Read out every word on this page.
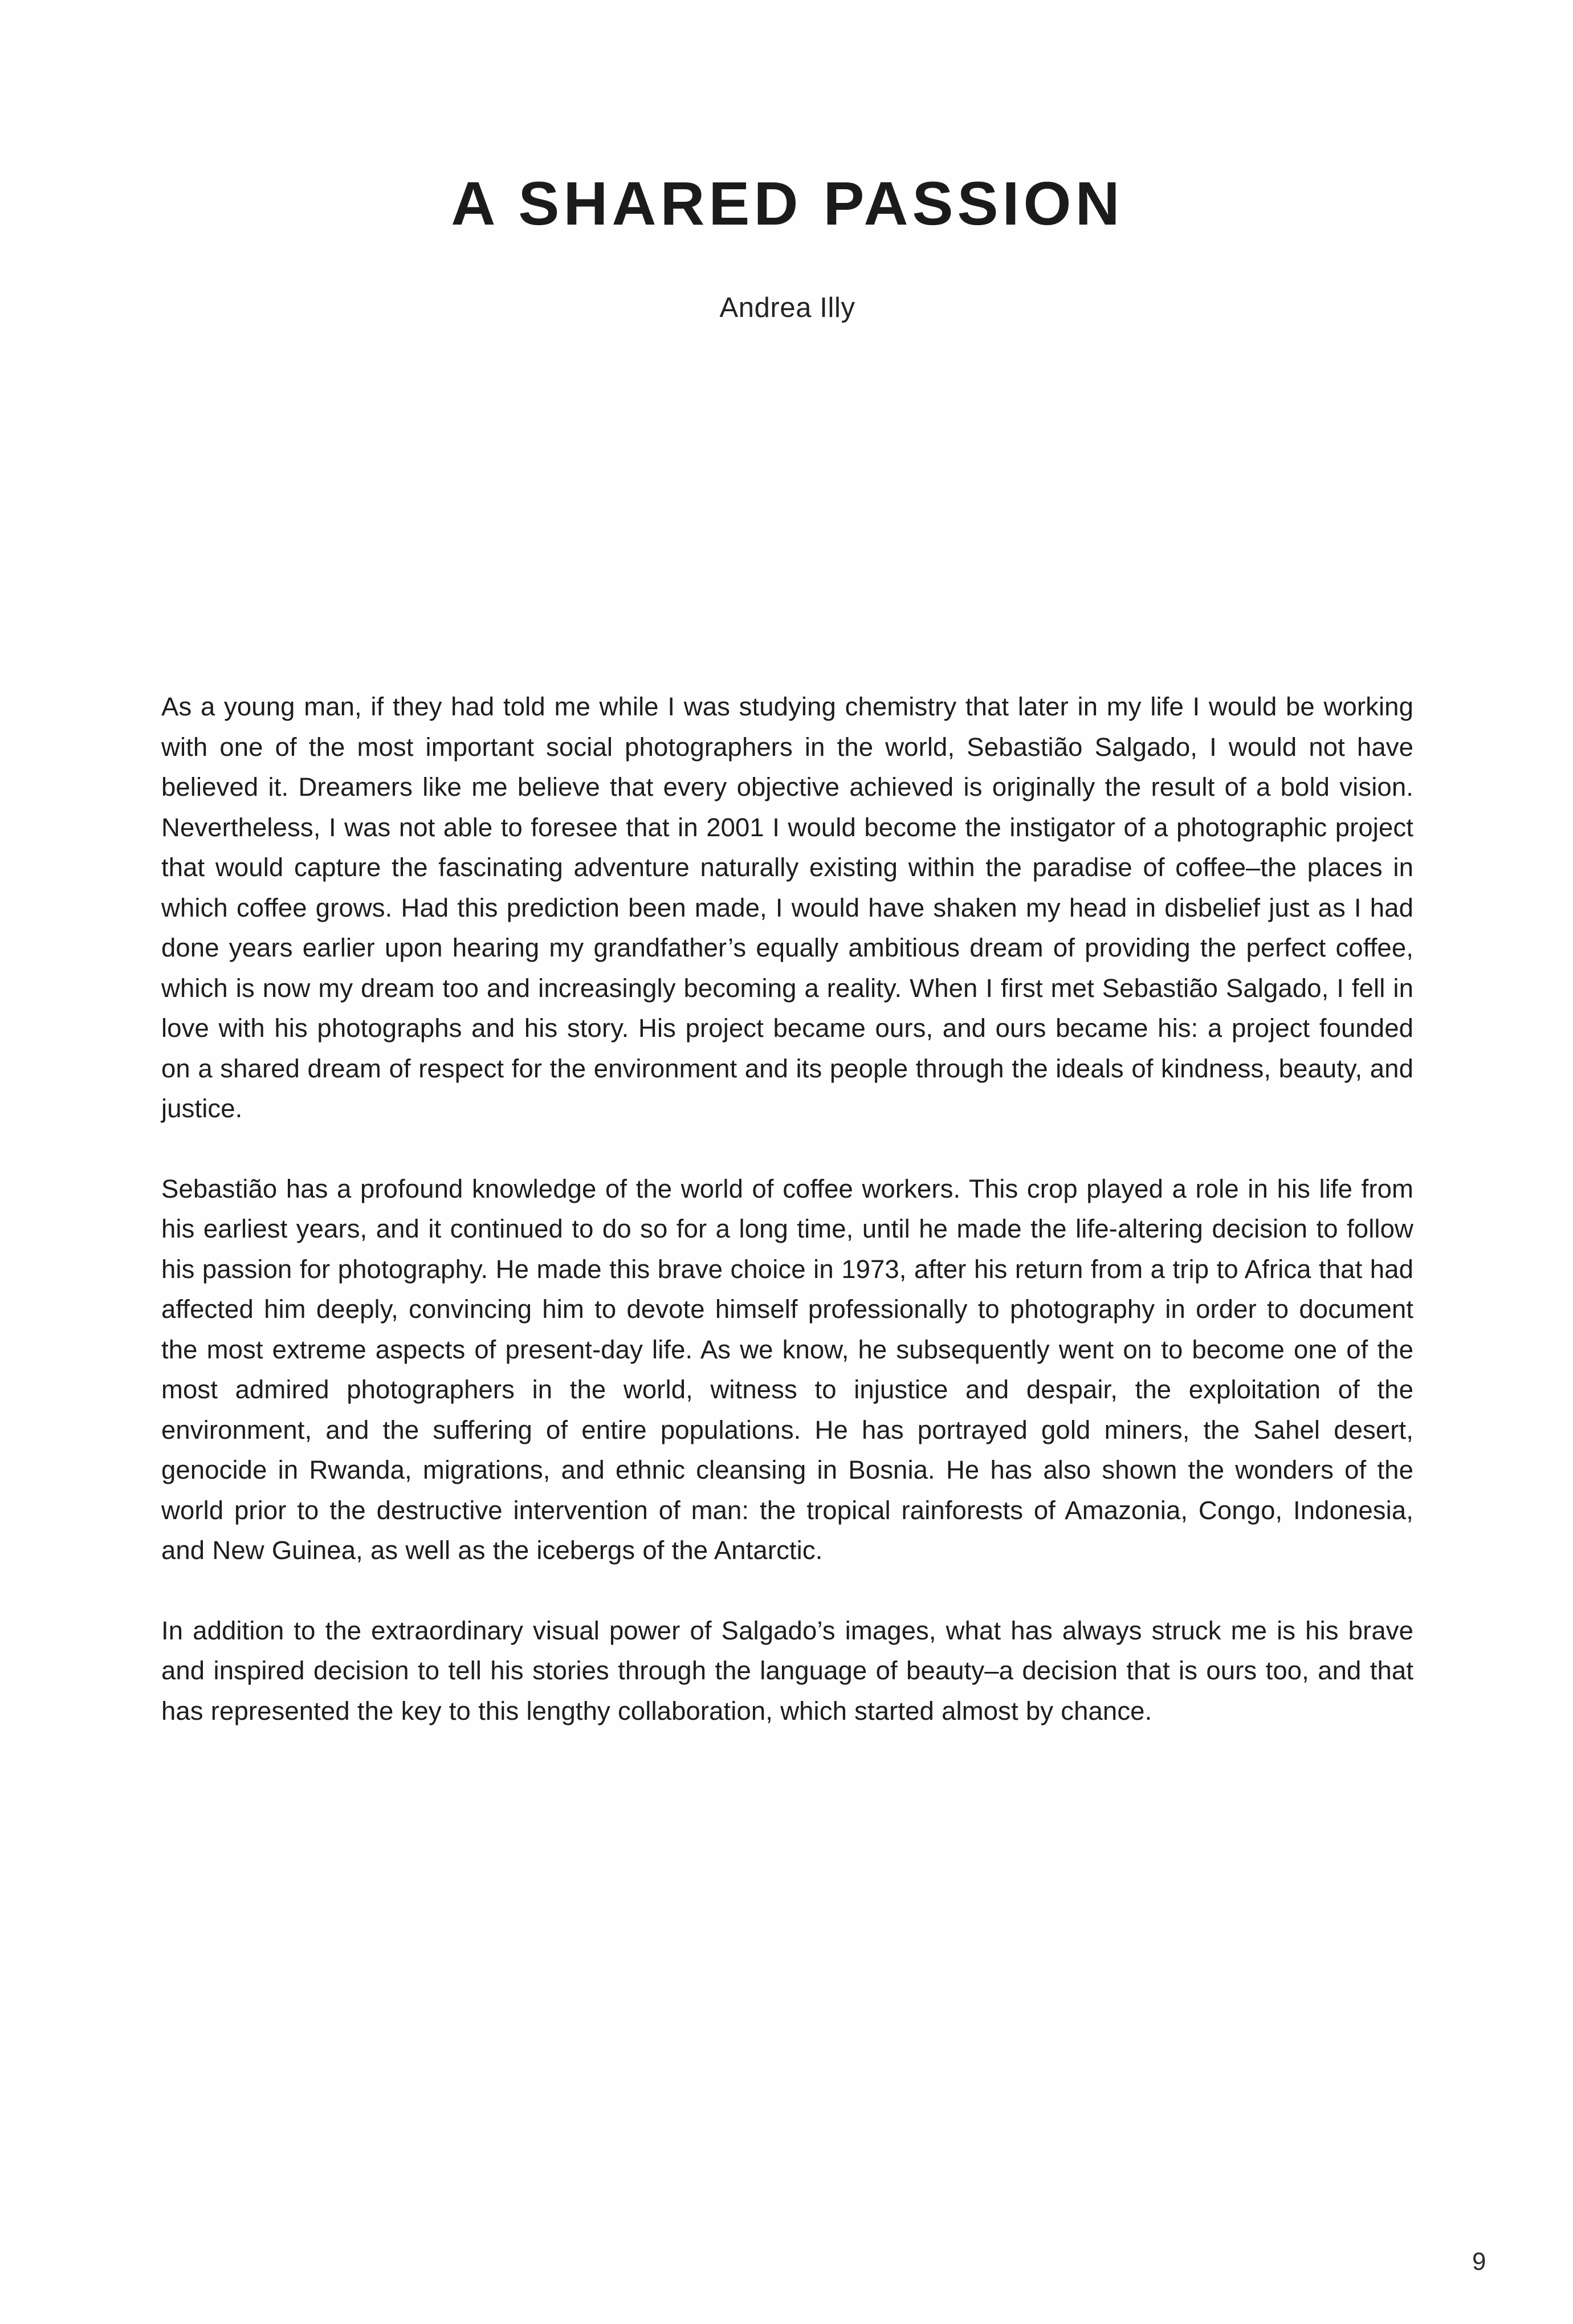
A SHARED PASSION

Andrea Illy

As a young man, if they had told me while I was studying chemistry that later in my life I would be working with one of the most important social photographers in the world, Sebastião Salgado, I would not have believed it. Dreamers like me believe that every objective achieved is originally the result of a bold vision. Nevertheless, I was not able to foresee that in 2001 I would become the instigator of a photographic project that would capture the fascinating adventure naturally existing within the paradise of coffee–the places in which coffee grows. Had this prediction been made, I would have shaken my head in disbelief just as I had done years earlier upon hearing my grandfather’s equally ambitious dream of providing the perfect coffee, which is now my dream too and increasingly becoming a reality. When I first met Sebastião Salgado, I fell in love with his photographs and his story. His project became ours, and ours became his: a project founded on a shared dream of respect for the environment and its people through the ideals of kindness, beauty, and justice.

Sebastião has a profound knowledge of the world of coffee workers. This crop played a role in his life from his earliest years, and it continued to do so for a long time, until he made the life-altering decision to follow his passion for photography. He made this brave choice in 1973, after his return from a trip to Africa that had affected him deeply, convincing him to devote himself professionally to photography in order to document the most extreme aspects of present-day life. As we know, he subsequently went on to become one of the most admired photographers in the world, witness to injustice and despair, the exploitation of the environment, and the suffering of entire populations. He has portrayed gold miners, the Sahel desert, genocide in Rwanda, migrations, and ethnic cleansing in Bosnia. He has also shown the wonders of the world prior to the destructive intervention of man: the tropical rainforests of Amazonia, Congo, Indonesia, and New Guinea, as well as the icebergs of the Antarctic.

In addition to the extraordinary visual power of Salgado’s images, what has always struck me is his brave and inspired decision to tell his stories through the language of beauty–a decision that is ours too, and that has represented the key to this lengthy collaboration, which started almost by chance.

9
